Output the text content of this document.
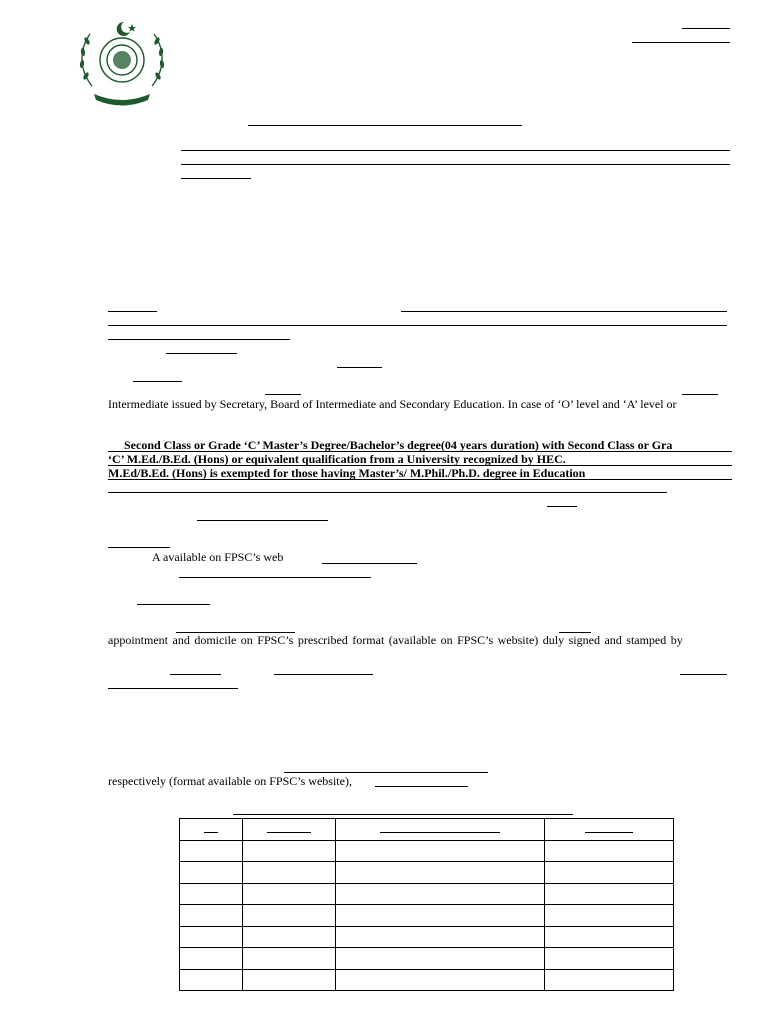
Intermediate issued by Secretary, Board of Intermediate and Secondary Education. In case of ‘O’ level and ‘A’ level or
Second Class or Grade ‘C’ Master’s Degree/Bachelor’s degree(04 years duration) with Second Class or Gra
‘C’ M.Ed./B.Ed. (Hons) or equivalent qualification from a University recognized by HEC.
M.Ed/B.Ed. (Hons) is exempted for those having Master’s/ M.Phil./Ph.D. degree in Education
A available on FPSC’s web
appointment and domicile on FPSC’s prescribed format (available on FPSC’s website) duly signed and stamped by
respectively (format available on FPSC’s website),
